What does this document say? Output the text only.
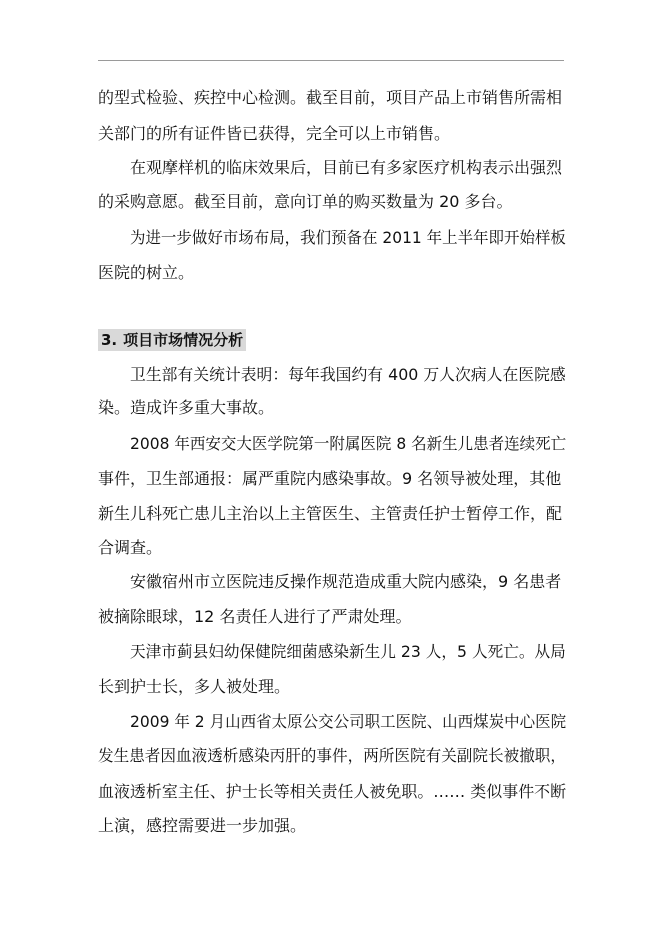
的型式检验、疾控中心检测。截至目前，项目产品上市销售所需相
关部门的所有证件皆已获得，完全可以上市销售。
在观摩样机的临床效果后，目前已有多家医疗机构表示出强烈
的采购意愿。截至目前，意向订单的购买数量为 20 多台。
为进一步做好市场布局，我们预备在 2011 年上半年即开始样板
医院的树立。
3. 项目市场情况分析
卫生部有关统计表明：每年我国约有 400 万人次病人在医院感
染。造成许多重大事故。
2008 年西安交大医学院第一附属医院 8 名新生儿患者连续死亡
事件，卫生部通报：属严重院内感染事故。9 名领导被处理，其他
新生儿科死亡患儿主治以上主管医生、主管责任护士暂停工作，配
合调查。
安徽宿州市立医院违反操作规范造成重大院内感染，9 名患者
被摘除眼球，12 名责任人进行了严肃处理。
天津市蓟县妇幼保健院细菌感染新生儿 23 人，5 人死亡。从局
长到护士长，多人被处理。
2009 年 2 月山西省太原公交公司职工医院、山西煤炭中心医院
发生患者因血液透析感染丙肝的事件，两所医院有关副院长被撤职，
血液透析室主任、护士长等相关责任人被免职。…… 类似事件不断
上演，感控需要进一步加强。
